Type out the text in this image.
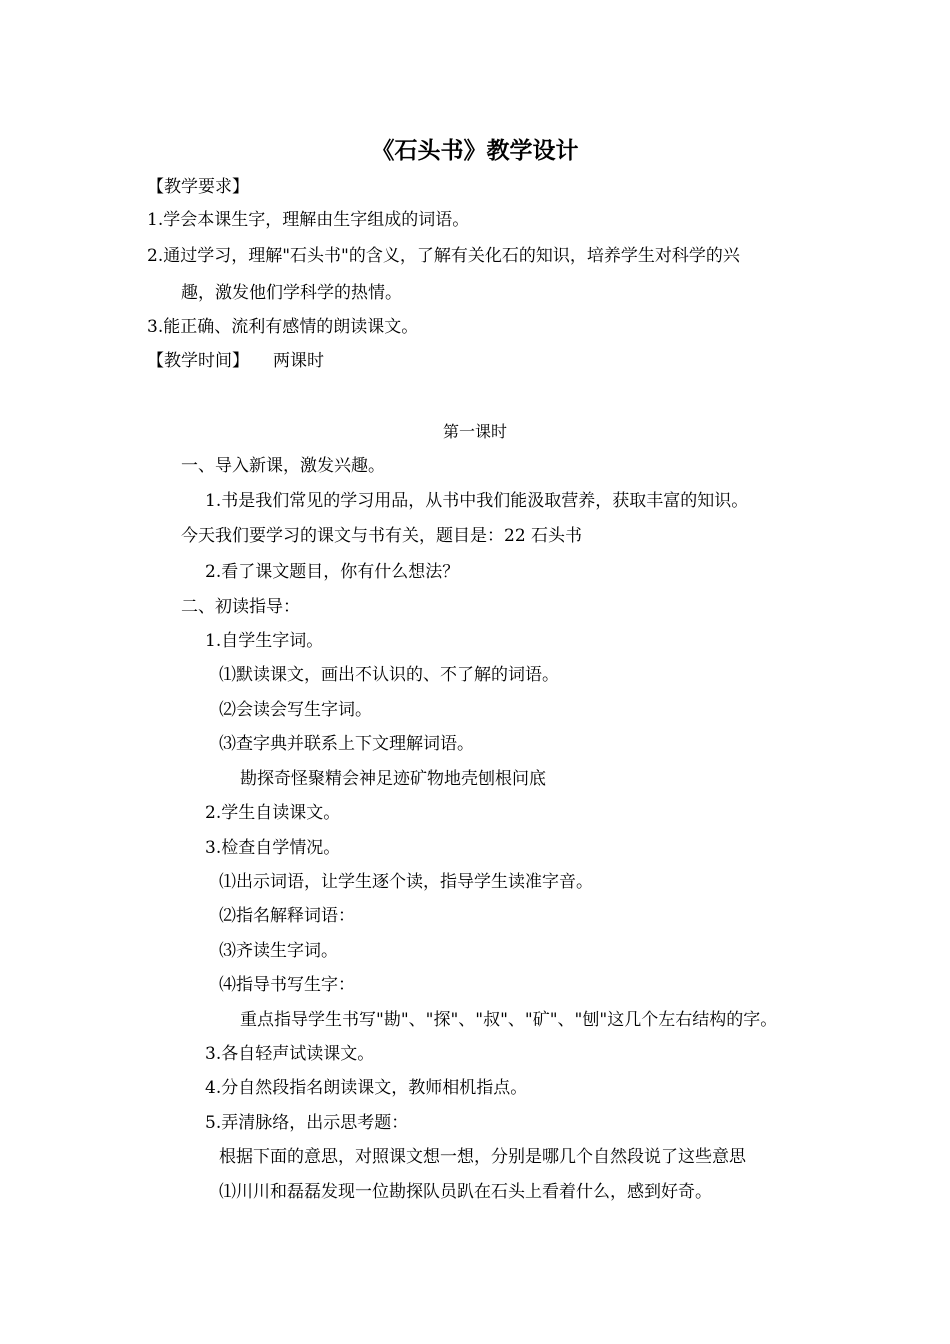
《石头书》教学设计
【教学要求】
1.学会本课生字，理解由生字组成的词语。
2.通过学习，理解"石头书"的含义，了解有关化石的知识，培养学生对科学的兴
趣，激发他们学科学的热情。
3.能正确、流利有感情的朗读课文。
【教学时间】 两课时
第一课时
一、导入新课，激发兴趣。
1.书是我们常见的学习用品，从书中我们能汲取营养，获取丰富的知识。
今天我们要学习的课文与书有关，题目是：22 石头书
2.看了课文题目，你有什么想法？
二、初读指导：
1.自学生字词。
⑴默读课文，画出不认识的、不了解的词语。
⑵会读会写生字词。
⑶查字典并联系上下文理解词语。
勘探奇怪聚精会神足迹矿物地壳刨根问底
2.学生自读课文。
3.检查自学情况。
⑴出示词语，让学生逐个读，指导学生读准字音。
⑵指名解释词语：
⑶齐读生字词。
⑷指导书写生字：
重点指导学生书写"勘"、"探"、"叔"、"矿"、"刨"这几个左右结构的字。
3.各自轻声试读课文。
4.分自然段指名朗读课文，教师相机指点。
5.弄清脉络，出示思考题：
根据下面的意思，对照课文想一想，分别是哪几个自然段说了这些意思
⑴川川和磊磊发现一位勘探队员趴在石头上看着什么，感到好奇。
